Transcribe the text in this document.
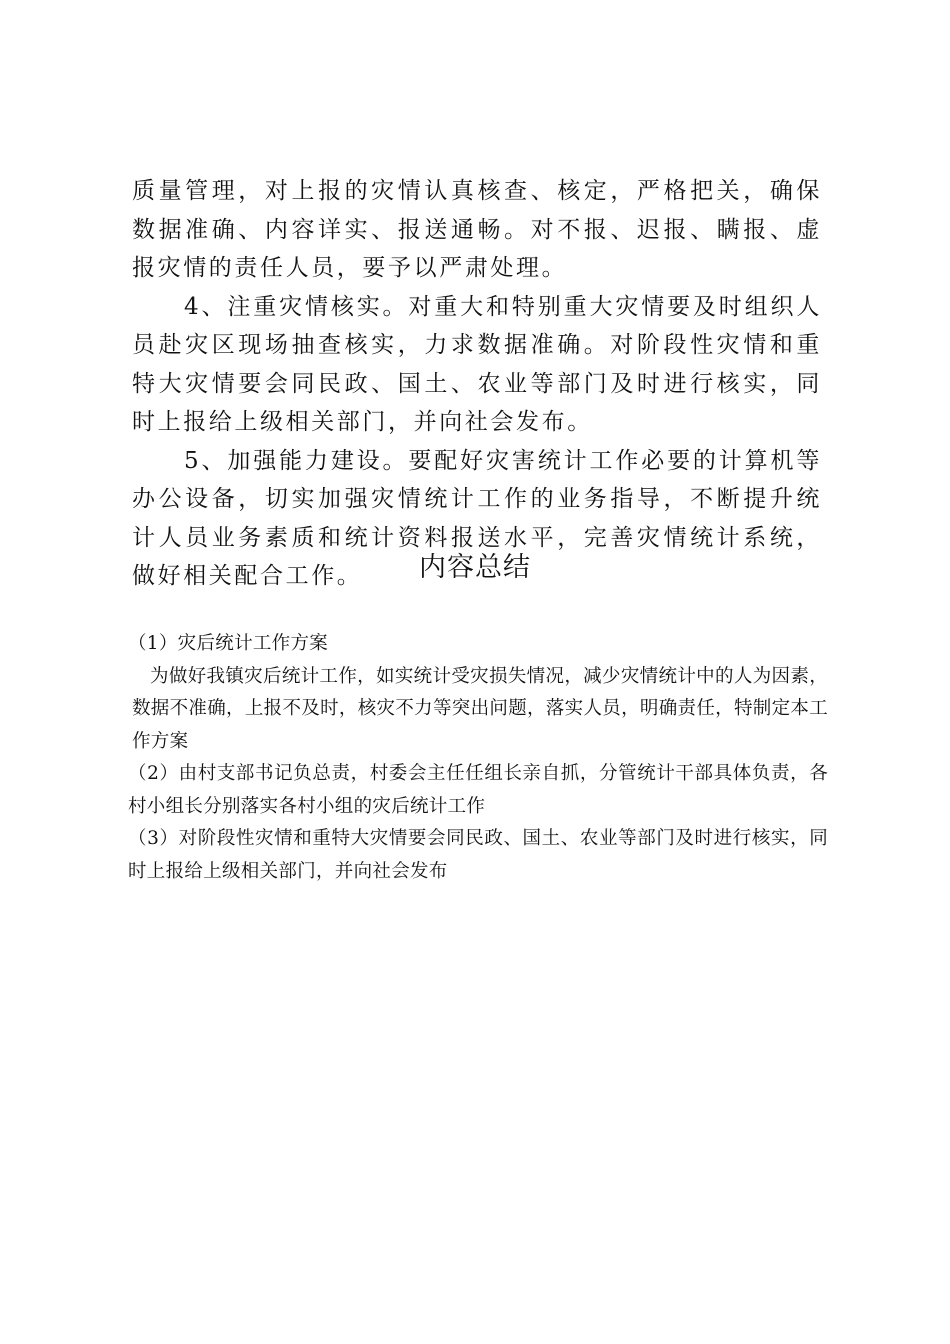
质量管理，对上报的灾情认真核查、核定，严格把关，确保数据准确、内容详实、报送通畅。对不报、迟报、瞒报、虚报灾情的责任人员，要予以严肃处理。

4、注重灾情核实。对重大和特别重大灾情要及时组织人员赴灾区现场抽查核实，力求数据准确。对阶段性灾情和重特大灾情要会同民政、国土、农业等部门及时进行核实，同时上报给上级相关部门，并向社会发布。

5、加强能力建设。要配好灾害统计工作必要的计算机等办公设备，切实加强灾情统计工作的业务指导，不断提升统计人员业务素质和统计资料报送水平，完善灾情统计系统，做好相关配合工作。	内容总结

（1）灾后统计工作方案

为做好我镇灾后统计工作，如实统计受灾损失情况，减少灾情统计中的人为因素，数据不准确，上报不及时，核灾不力等突出问题，落实人员，明确责任，特制定本工作方案

（2）由村支部书记负总责，村委会主任任组长亲自抓，分管统计干部具体负责，各村小组长分别落实各村小组的灾后统计工作

（3）对阶段性灾情和重特大灾情要会同民政、国土、农业等部门及时进行核实，同时上报给上级相关部门，并向社会发布
